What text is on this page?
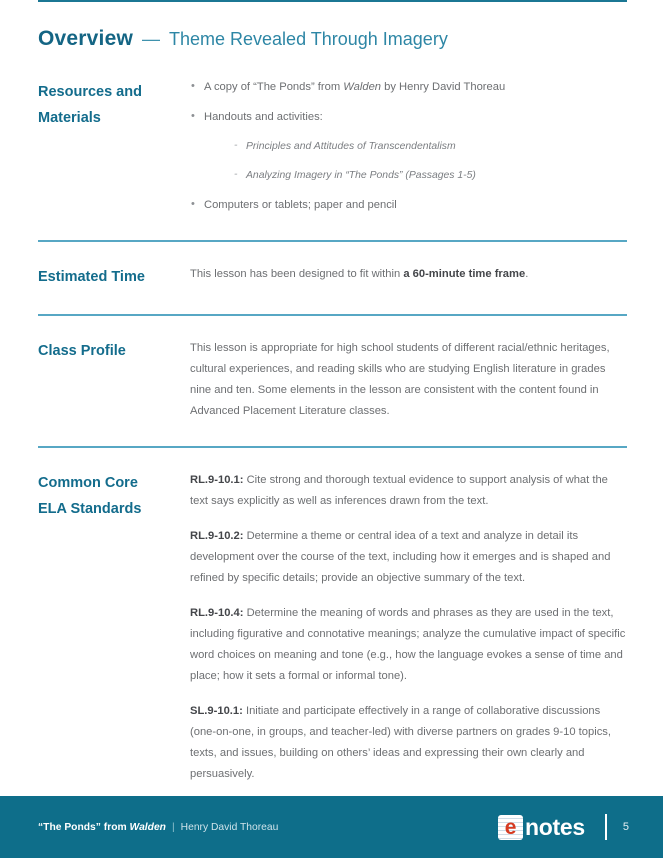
Overview — Theme Revealed Through Imagery
Resources and
Materials
• A copy of “The Ponds” from Walden by Henry David Thoreau
• Handouts and activities:
- Principles and Attitudes of Transcendentalism
- Analyzing Imagery in “The Ponds” (Passages 1-5)
• Computers or tablets; paper and pencil
Estimated Time	This lesson has been designed to fit within a 60-minute time frame.

Class Profile	This lesson is appropriate for high school students of different racial/ethnic heritages, cultural experiences, and reading skills who are studying English literature in grades nine and ten. Some elements in the lesson are consistent with the content found in Advanced Placement Literature classes.

Common Core
ELA Standards

RL.9-10.1: Cite strong and thorough textual evidence to support analysis of what the text says explicitly as well as inferences drawn from the text.

RL.9-10.2: Determine a theme or central idea of a text and analyze in detail its development over the course of the text, including how it emerges and is shaped and refined by specific details; provide an objective summary of the text.

RL.9-10.4: Determine the meaning of words and phrases as they are used in the text, including figurative and connotative meanings; analyze the cumulative impact of specific word choices on meaning and tone (e.g., how the language evokes a sense of time and place; how it sets a formal or informal tone).

SL.9-10.1: Initiate and participate effectively in a range of collaborative discussions (one-on-one, in groups, and teacher-led) with diverse partners on grades 9-10 topics, texts, and issues, building on others’ ideas and expressing their own clearly and persuasively.

“The Ponds” from Walden | Henry David Thoreau	e notes	5
